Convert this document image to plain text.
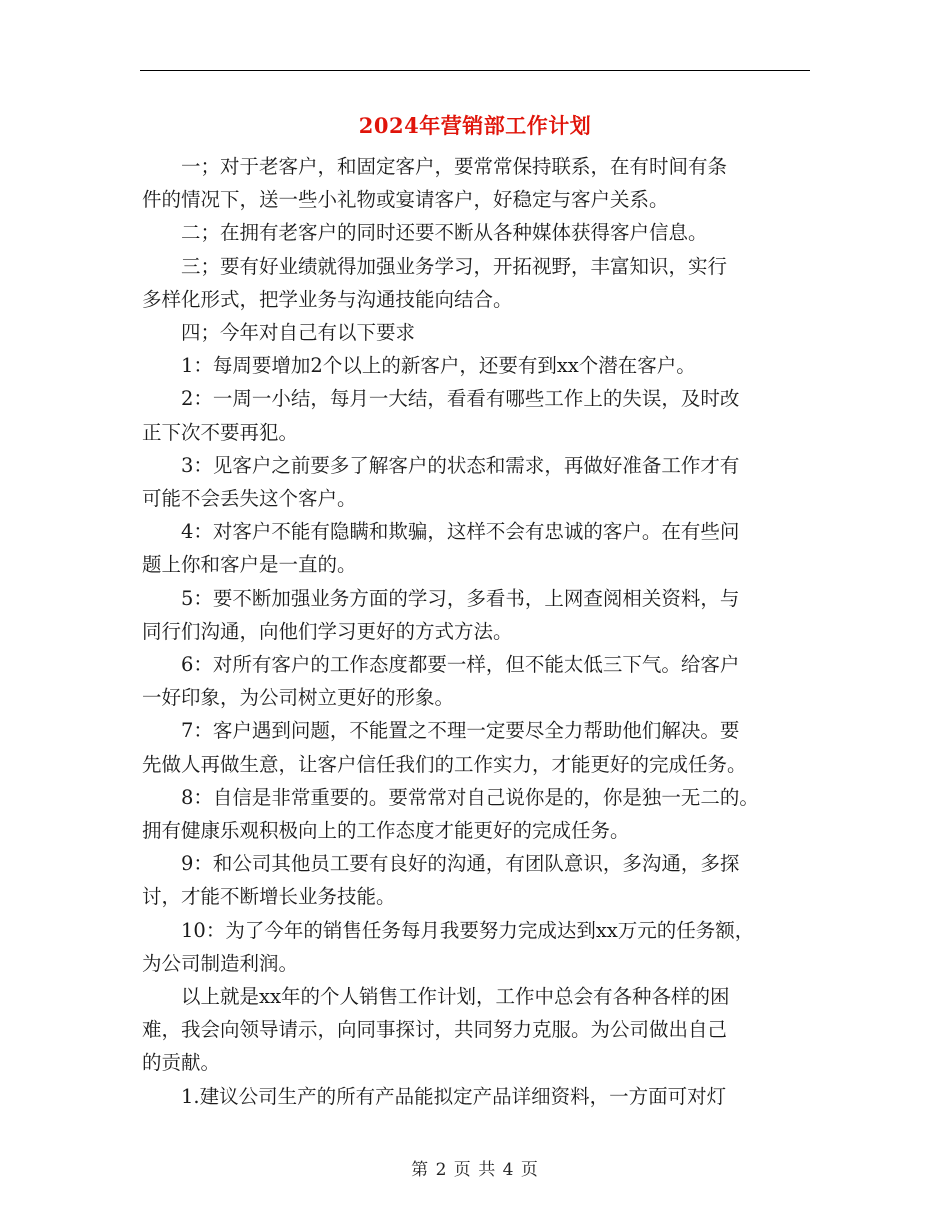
2024年营销部工作计划
一；对于老客户，和固定客户，要常常保持联系，在有时间有条
件的情况下，送一些小礼物或宴请客户，好稳定与客户关系。
二；在拥有老客户的同时还要不断从各种媒体获得客户信息。
三；要有好业绩就得加强业务学习，开拓视野，丰富知识，实行
多样化形式，把学业务与沟通技能向结合。
四；今年对自己有以下要求
1：每周要增加2个以上的新客户，还要有到xx个潜在客户。
2：一周一小结，每月一大结，看看有哪些工作上的失误，及时改
正下次不要再犯。
3：见客户之前要多了解客户的状态和需求，再做好准备工作才有
可能不会丢失这个客户。
4：对客户不能有隐瞒和欺骗，这样不会有忠诚的客户。在有些问
题上你和客户是一直的。
5：要不断加强业务方面的学习，多看书，上网查阅相关资料，与
同行们沟通，向他们学习更好的方式方法。
6：对所有客户的工作态度都要一样，但不能太低三下气。给客户
一好印象，为公司树立更好的形象。
7：客户遇到问题，不能置之不理一定要尽全力帮助他们解决。要
先做人再做生意，让客户信任我们的工作实力，才能更好的完成任务。
8：自信是非常重要的。要常常对自己说你是的，你是独一无二的。
拥有健康乐观积极向上的工作态度才能更好的完成任务。
9：和公司其他员工要有良好的沟通，有团队意识，多沟通，多探
讨，才能不断增长业务技能。
10：为了今年的销售任务每月我要努力完成达到xx万元的任务额，
为公司制造利润。
以上就是xx年的个人销售工作计划，工作中总会有各种各样的困
难，我会向领导请示，向同事探讨，共同努力克服。为公司做出自己
的贡献。
1.建议公司生产的所有产品能拟定产品详细资料，一方面可对灯
第 2 页 共 4 页
